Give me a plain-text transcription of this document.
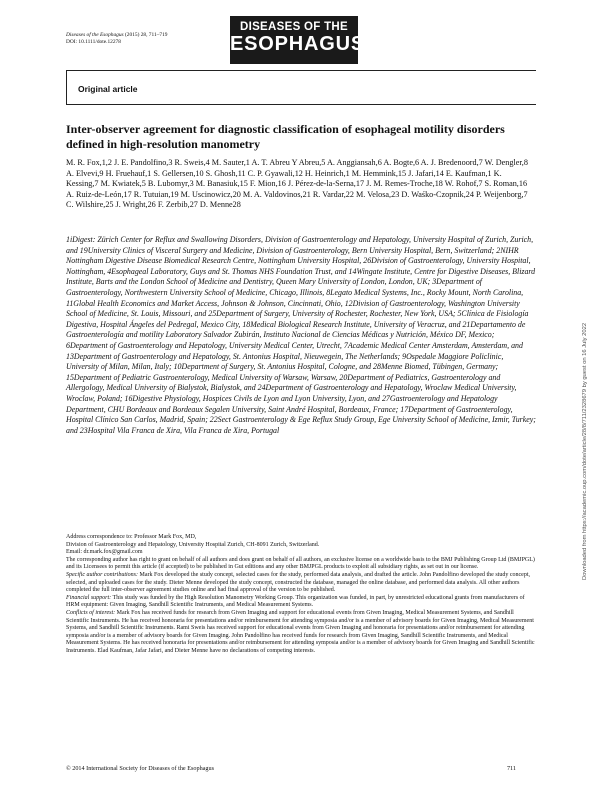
Diseases of the Esophagus (2015) 28, 711–719
DOI: 10.1111/dote.12278
DISEASES OF THE
ESOPHAGUS
Original article
Inter-observer agreement for diagnostic classification of esophageal motility disorders defined in high-resolution manometry
M. R. Fox,1,2 J. E. Pandolfino,3 R. Sweis,4 M. Sauter,1 A. T. Abreu Y Abreu,5 A. Anggiansah,6 A. Bogte,6 A. J. Bredenoord,7 W. Dengler,8 A. Elvevi,9 H. Fruehauf,1 S. Gellersen,10 S. Ghosh,11 C. P. Gyawali,12 H. Heinrich,1 M. Hemmink,15 J. Jafari,14 E. Kaufman,1 K. Kessing,7 M. Kwiatek,5 B. Lubomyr,3 M. Banasiuk,15 F. Mion,16 J. Pérez-de-la-Serna,17 J. M. Remes-Troche,18 W. Rohof,7 S. Roman,16 A. Ruiz-de-León,17 R. Tutuian,19 M. Uscinowicz,20 M. A. Valdovinos,21 R. Vardar,22 M. Velosa,23 D. Waśko-Czopnik,24 P. Weijenborg,7 C. Wilshire,25 J. Wright,26 F. Zerbib,27 D. Menne28
1iDigest: Zürich Center for Reflux and Swallowing Disorders, Division of Gastroenterology and Hepatology, University Hospital of Zurich, Zurich, and 19University Clinics of Visceral Surgery and Medicine, Division of Gastroenterology, Bern University Hospital, Bern, Switzerland; 2NIHR Nottingham Digestive Disease Biomedical Research Centre, Nottingham University Hospital, 26Division of Gastroenterology, University Hospital, Nottingham, 4Esophageal Laboratory, Guys and St. Thomas NHS Foundation Trust, and 14Wingate Institute, Centre for Digestive Diseases, Blizard Institute, Barts and the London School of Medicine and Dentistry, Queen Mary University of London, London, UK; 3Department of Gastroenterology, Northwestern University School of Medicine, Chicago, Illinois, 8Legato Medical Systems, Inc., Rocky Mount, North Carolina, 11Global Health Economics and Market Access, Johnson & Johnson, Cincinnati, Ohio, 12Division of Gastroenterology, Washington University School of Medicine, St. Louis, Missouri, and 25Department of Surgery, University of Rochester, Rochester, New York, USA; 5Clínica de Fisiología Digestiva, Hospital Ángeles del Pedregal, Mexico City, 18Medical Biological Research Institute, University of Veracruz, and 21Departamento de Gastroenterología and motility Laboratory Salvador Zubirán, Instituto Nacional de Ciencias Médicas y Nutrición, México DF, Mexico; 6Department of Gastroenterology and Hepatology, University Medical Center, Utrecht, 7Academic Medical Center Amsterdam, Amsterdam, and 13Department of Gastroenterology and Hepatology, St. Antonius Hospital, Nieuwegein, The Netherlands; 9Ospedale Maggiore Policlinic, University of Milan, Milan, Italy; 10Department of Surgery, St. Antonius Hospital, Cologne, and 28Menne Biomed, Tübingen, Germany; 15Department of Pediatric Gastroenterology, Medical University of Warsaw, Warsaw, 20Department of Pediatrics, Gastroenterology and Allergology, Medical University of Bialystok, Bialystok, and 24Department of Gastroenterology and Hepatology, Wroclaw Medical University, Wroclaw, Poland; 16Digestive Physiology, Hospices Civils de Lyon and Lyon University, Lyon, and 27Gastroenterology and Hepatology Department, CHU Bordeaux and Bordeaux Segalen University, Saint André Hospital, Bordeaux, France; 17Department of Gastroenterology, Hospital Clínico San Carlos, Madrid, Spain; 22Sect Gastroenterology & Ege Reflux Study Group, Ege University School of Medicine, Izmir, Turkey; and 23Hospital Vila Franca de Xira, Vila Franca de Xira, Portugal

Address correspondence to: Professor Mark Fox, MD,

Division of Gastroenterology and Hepatology, University Hospital Zurich, CH-8091 Zurich, Switzerland.

Email: dr.mark.fox@gmail.com

The corresponding author has right to grant on behalf of all authors and does grant on behalf of all authors, an exclusive license on a worldwide basis to the BMJ Publishing Group Ltd (BMJPGL) and its Licensees to permit this article (if accepted) to be published in Gut editions and any other BMJPGL products to exploit all subsidiary rights, as set out in our license.

Specific author contributions: Mark Fox developed the study concept, selected cases for the study, performed data analysis, and drafted the article. John Pandolfino developed the study concept, selected, and uploaded cases for the study. Dieter Menne developed the study concept, constructed the database, managed the online database, and performed data analysis. All other authors completed the full inter-observer agreement studies online and had final approval of the version to be published.

Financial support: This study was funded by the High Resolution Manometry Working Group. This organization was funded, in part, by unrestricted educational grants from manufacturers of HRM equipment: Given Imaging, Sandhill Scientific Instruments, and Medical Measurement Systems.

Conflicts of interest: Mark Fox has received funds for research from Given Imaging and support for educational events from Given Imaging, Medical Measurement Systems, and Sandhill Scientific Instruments. He has received honoraria for presentations and/or reimbursement for attending symposia and/or is a member of advisory boards for Given Imaging, Medical Measurement Systems, and Sandhill Scientific Instruments. Rami Sweis has received support for educational events from Given Imaging and honoraria for presentations and/or reimbursement for attending symposia and/or is a member of advisory boards for Given Imaging. John Pandolfino has received funds for research from Given Imaging, Sandhill Scientific Instruments, and Medical Measurement Systems. He has received honoraria for presentations and/or reimbursement for attending symposia and/or is a member of advisory boards for Given Imaging and Sandhill Scientific Instruments. Elad Kaufman, Jafar Jafari, and Dieter Menne have no declarations of competing interests.

© 2014 International Society for Diseases of the Esophagus	711
Downloaded from https://academic.oup.com/dote/article/28/8/711/2328679 by guest on 16 July 2022
